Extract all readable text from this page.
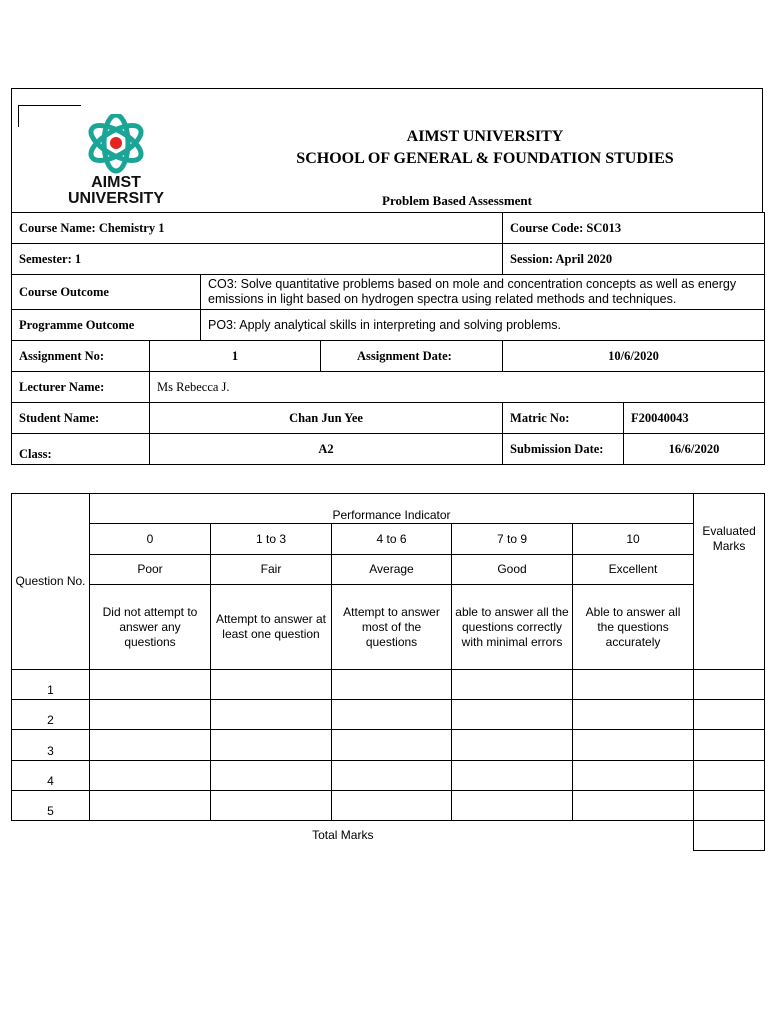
AIMST
UNIVERSITY
AIMST UNIVERSITY
SCHOOL OF GENERAL & FOUNDATION STUDIES
Problem Based Assessment
Course Name: Chemistry 1				Course Code: SC013	
Semester: 1				Session: April 2020	
Course Outcome		CO3: Solve quantitative problems based on mole and concentration concepts as well as energy emissions in light based on hydrogen spectra using related methods and techniques.			
Programme Outcome		PO3: Apply analytical skills in interpreting and solving problems.			
Assignment No:	1		Assignment Date:	10/6/2020	
Lecturer Name:	Ms Rebecca J.				
Student Name:	Chan Jun Yee			Matric No:	F20040043
Class:	A2			Submission Date:	16/6/2020
Question No.	Performance Indicator					Evaluated Marks
	0	1 to 3	4 to 6	7 to 9	10	
	Poor	Fair	Average	Good	Excellent	
	Did not attempt to answer any questions	Attempt to answer at least one question	Attempt to answer most of the questions	able to answer all the questions correctly with minimal errors	Able to answer all the questions accurately	
1						
2						
3						
4						
5						
Total Marks						
